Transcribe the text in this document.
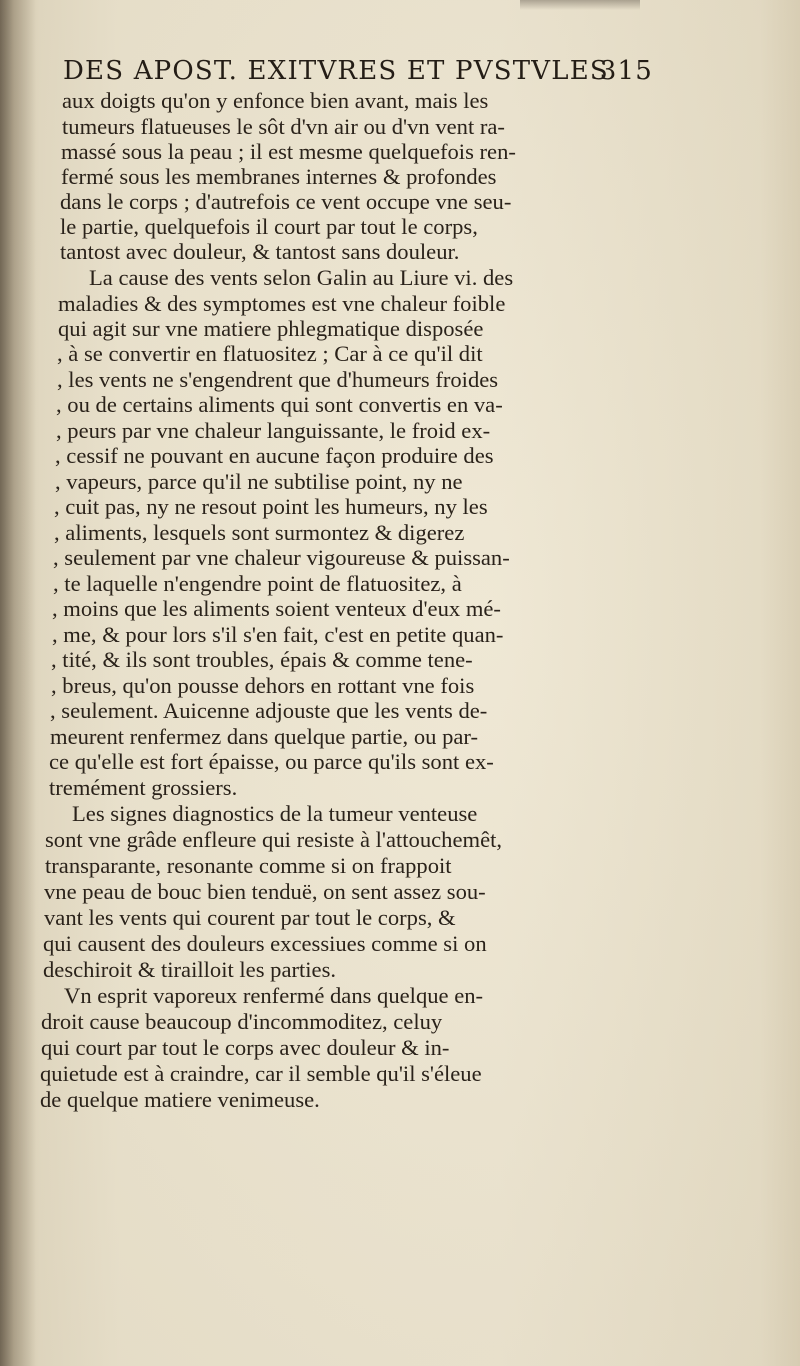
DES APOST. EXITVRES ET PVSTVLES
315
aux doigts qu'on y enfonce bien avant, mais les
tumeurs flatueuses le sôt d'vn air ou d'vn vent ra-
massé sous la peau ; il est mesme quelquefois ren-
fermé sous les membranes internes & profondes
dans le corps ; d'autrefois ce vent occupe vne seu-
le partie, quelquefois il court par tout le corps,
tantost avec douleur, & tantost sans douleur.
La cause des vents selon Galin au Liure vi. des
maladies & des symptomes est vne chaleur foible
qui agit sur vne matiere phlegmatique disposée
, à se convertir en flatuositez ; Car à ce qu'il dit
, les vents ne s'engendrent que d'humeurs froides
, ou de certains aliments qui sont convertis en va-
, peurs par vne chaleur languissante, le froid ex-
, cessif ne pouvant en aucune façon produire des
, vapeurs, parce qu'il ne subtilise point, ny ne
, cuit pas, ny ne resout point les humeurs, ny les
, aliments, lesquels sont surmontez & digerez
, seulement par vne chaleur vigoureuse & puissan-
, te laquelle n'engendre point de flatuositez, à
, moins que les aliments soient venteux d'eux mé-
, me, & pour lors s'il s'en fait, c'est en petite quan-
, tité, & ils sont troubles, épais & comme tene-
, breus, qu'on pousse dehors en rottant vne fois
, seulement. Auicenne adjouste que les vents de-
meurent renfermez dans quelque partie, ou par-
ce qu'elle est fort épaisse, ou parce qu'ils sont ex-
tremément grossiers.
Les signes diagnostics de la tumeur venteuse
sont vne grâde enfleure qui resiste à l'attouchemêt,
transparante, resonante comme si on frappoit
vne peau de bouc bien tenduë, on sent assez sou-
vant les vents qui courent par tout le corps, &
qui causent des douleurs excessiues comme si on
deschiroit & tirailloit les parties.
Vn esprit vaporeux renfermé dans quelque en-
droit cause beaucoup d'incommoditez, celuy
qui court par tout le corps avec douleur & in-
quietude est à craindre, car il semble qu'il s'éleue
de quelque matiere venimeuse.
